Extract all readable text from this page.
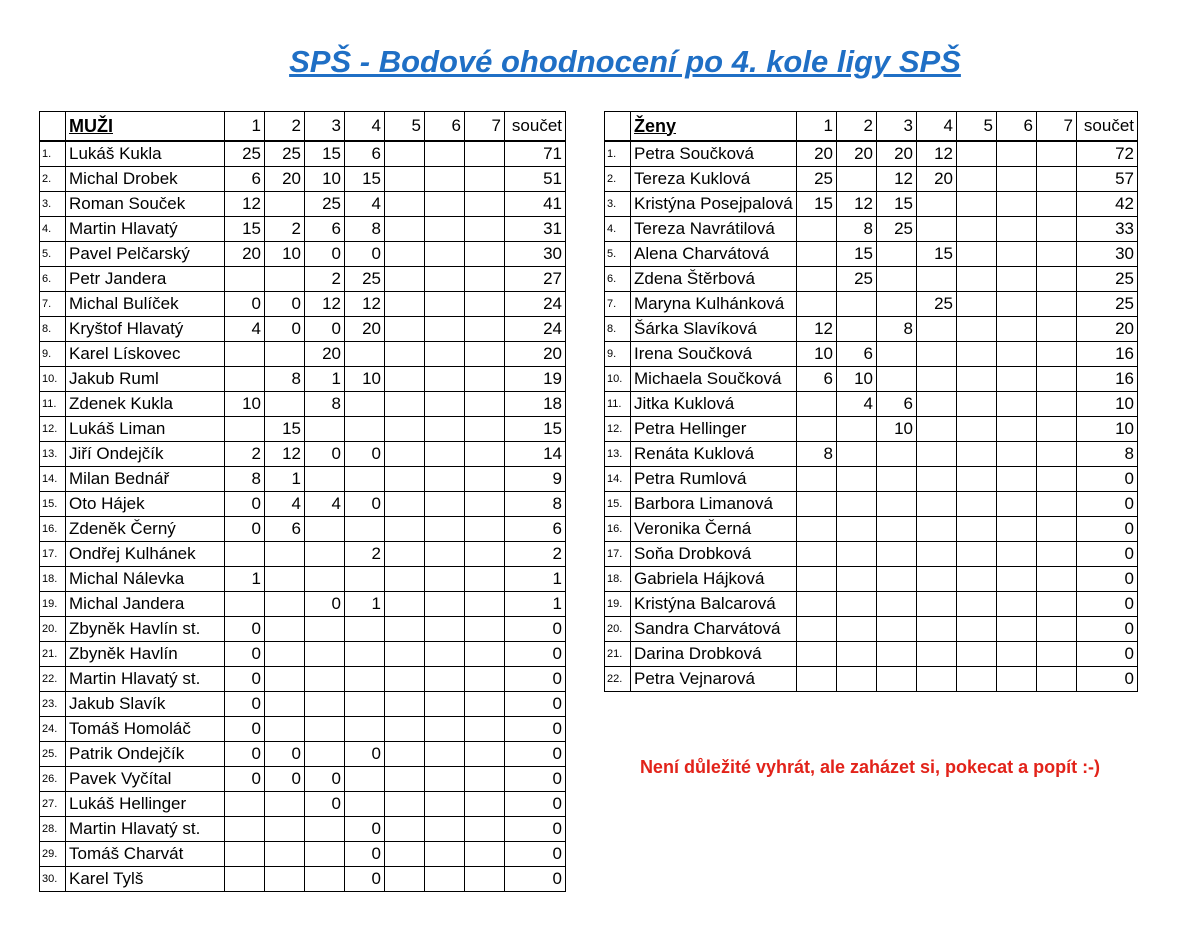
SPŠ - Bodové ohodnocení po 4. kole ligy SPŠ
	MUŽI	1	2	3	4	5	6	7	součet
1.	Lukáš Kukla	25	25	15	6				71
2.	Michal Drobek	6	20	10	15				51
3.	Roman Souček	12		25	4				41
4.	Martin Hlavatý	15	2	6	8				31
5.	Pavel Pelčarský	20	10	0	0				30
6.	Petr Jandera			2	25				27
7.	Michal Bulíček	0	0	12	12				24
8.	Kryštof Hlavatý	4	0	0	20				24
9.	Karel Lískovec			20					20
10.	Jakub Ruml		8	1	10				19
11.	Zdenek Kukla	10		8					18
12.	Lukáš Liman		15						15
13.	Jiří Ondejčík	2	12	0	0				14
14.	Milan Bednář	8	1						9
15.	Oto Hájek	0	4	4	0				8
16.	Zdeněk Černý	0	6						6
17.	Ondřej Kulhánek				2				2
18.	Michal Nálevka	1							1
19.	Michal Jandera			0	1				1
20.	Zbyněk Havlín st.	0							0
21.	Zbyněk Havlín	0							0
22.	Martin Hlavatý st.	0							0
23.	Jakub Slavík	0							0
24.	Tomáš Homoláč	0							0
25.	Patrik Ondejčík	0	0		0				0
26.	Pavek Vyčítal	0	0	0					0
27.	Lukáš Hellinger			0					0
28.	Martin Hlavatý st.				0				0
29.	Tomáš Charvát				0				0
30.	Karel Tylš				0				0
	Ženy	1	2	3	4	5	6	7	součet
1.	Petra Součková	20	20	20	12				72
2.	Tereza Kuklová	25		12	20				57
3.	Kristýna Posejpalová	15	12	15					42
4.	Tereza Navrátilová		8	25					33
5.	Alena Charvátová		15		15				30
6.	Zdena Štěrbová		25						25
7.	Maryna Kulhánková				25				25
8.	Šárka Slavíková	12		8					20
9.	Irena Součková	10	6						16
10.	Michaela Součková	6	10						16
11.	Jitka Kuklová		4	6					10
12.	Petra Hellinger			10					10
13.	Renáta Kuklová	8							8
14.	Petra Rumlová								0
15.	Barbora Limanová								0
16.	Veronika Černá								0
17.	Soňa Drobková								0
18.	Gabriela Hájková								0
19.	Kristýna Balcarová								0
20.	Sandra Charvátová								0
21.	Darina Drobková								0
22.	Petra Vejnarová								0

Není důležité vyhrát, ale zaházet si, pokecat a popít :-)
